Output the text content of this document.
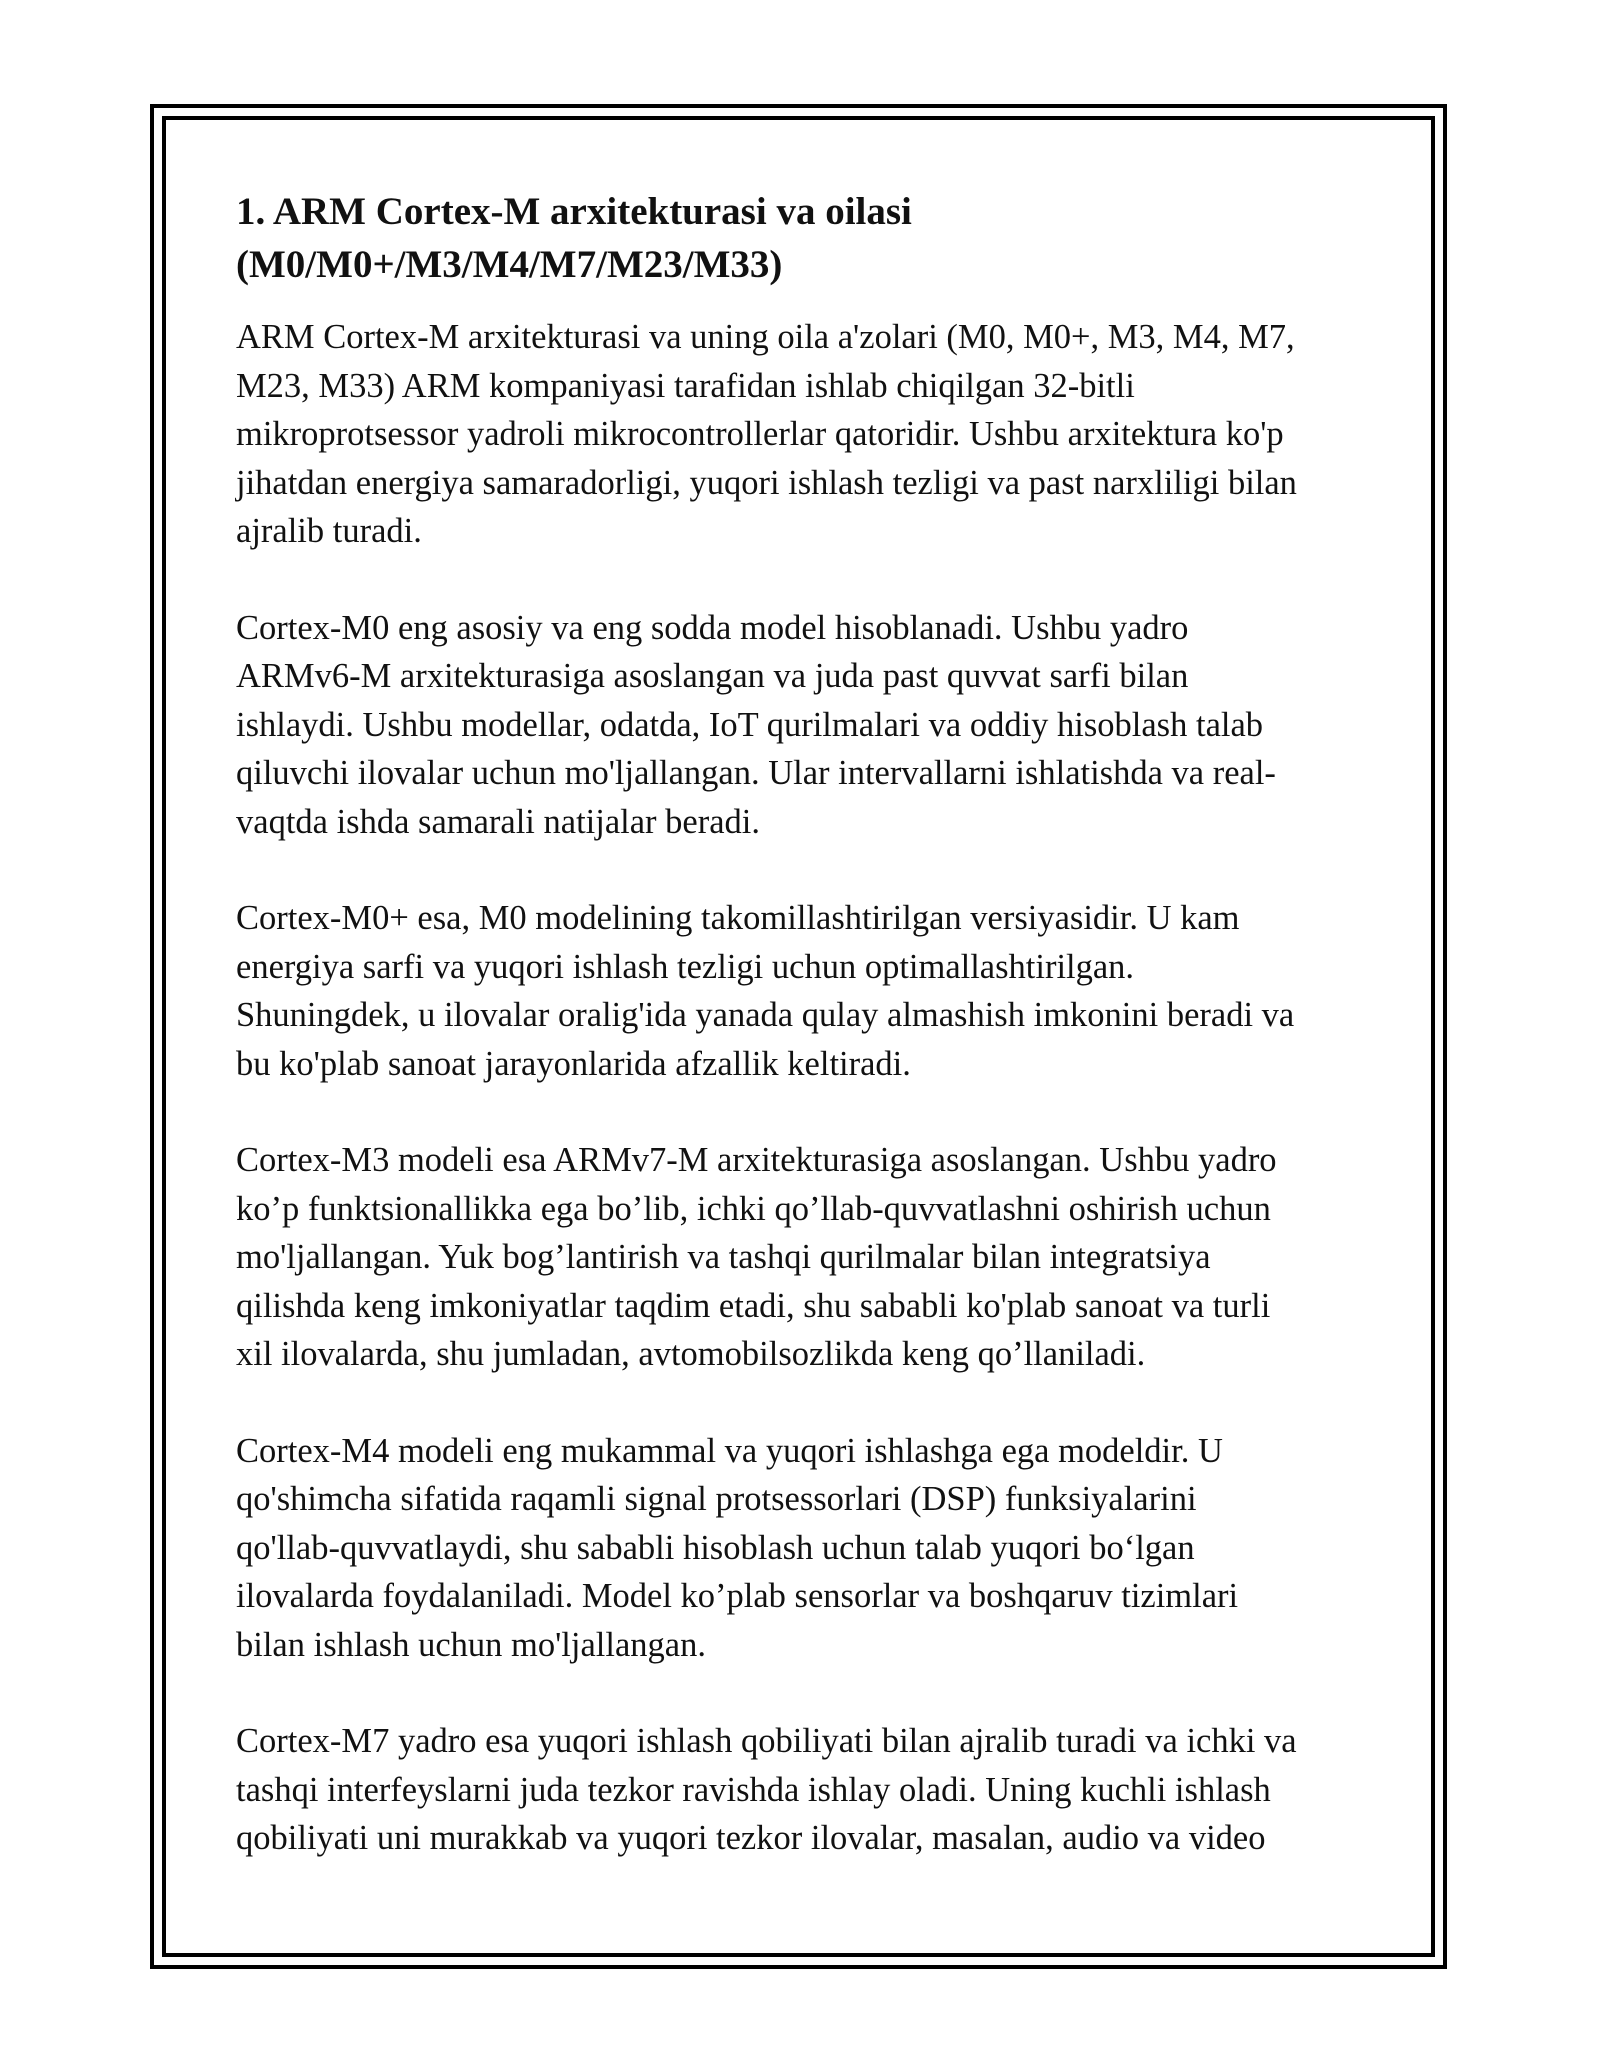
1. ARM Cortex-M arxitekturasi va oilasi
(M0/M0+/M3/M4/M7/M23/M33)

ARM Cortex-M arxitekturasi va uning oila a'zolari (M0, M0+, M3, M4, M7,
M23, M33) ARM kompaniyasi tarafidan ishlab chiqilgan 32-bitli
mikroprotsessor yadroli mikrocontrollerlar qatoridir. Ushbu arxitektura ko'p
jihatdan energiya samaradorligi, yuqori ishlash tezligi va past narxliligi bilan
ajralib turadi.

Cortex-M0 eng asosiy va eng sodda model hisoblanadi. Ushbu yadro
ARMv6-M arxitekturasiga asoslangan va juda past quvvat sarfi bilan
ishlaydi. Ushbu modellar, odatda, IoT qurilmalari va oddiy hisoblash talab
qiluvchi ilovalar uchun mo'ljallangan. Ular intervallarni ishlatishda va real-
vaqtda ishda samarali natijalar beradi.

Cortex-M0+ esa, M0 modelining takomillashtirilgan versiyasidir. U kam
energiya sarfi va yuqori ishlash tezligi uchun optimallashtirilgan.
Shuningdek, u ilovalar oralig'ida yanada qulay almashish imkonini beradi va
bu ko'plab sanoat jarayonlarida afzallik keltiradi.

Cortex-M3 modeli esa ARMv7-M arxitekturasiga asoslangan. Ushbu yadro
ko’p funktsionallikka ega bo’lib, ichki qo’llab-quvvatlashni oshirish uchun
mo'ljallangan. Yuk bog’lantirish va tashqi qurilmalar bilan integratsiya
qilishda keng imkoniyatlar taqdim etadi, shu sababli ko'plab sanoat va turli
xil ilovalarda, shu jumladan, avtomobilsozlikda keng qo’llaniladi.

Cortex-M4 modeli eng mukammal va yuqori ishlashga ega modeldir. U
qo'shimcha sifatida raqamli signal protsessorlari (DSP) funksiyalarini
qo'llab-quvvatlaydi, shu sababli hisoblash uchun talab yuqori bo‘lgan
ilovalarda foydalaniladi. Model ko’plab sensorlar va boshqaruv tizimlari
bilan ishlash uchun mo'ljallangan.

Cortex-M7 yadro esa yuqori ishlash qobiliyati bilan ajralib turadi va ichki va
tashqi interfeyslarni juda tezkor ravishda ishlay oladi. Uning kuchli ishlash
qobiliyati uni murakkab va yuqori tezkor ilovalar, masalan, audio va video
